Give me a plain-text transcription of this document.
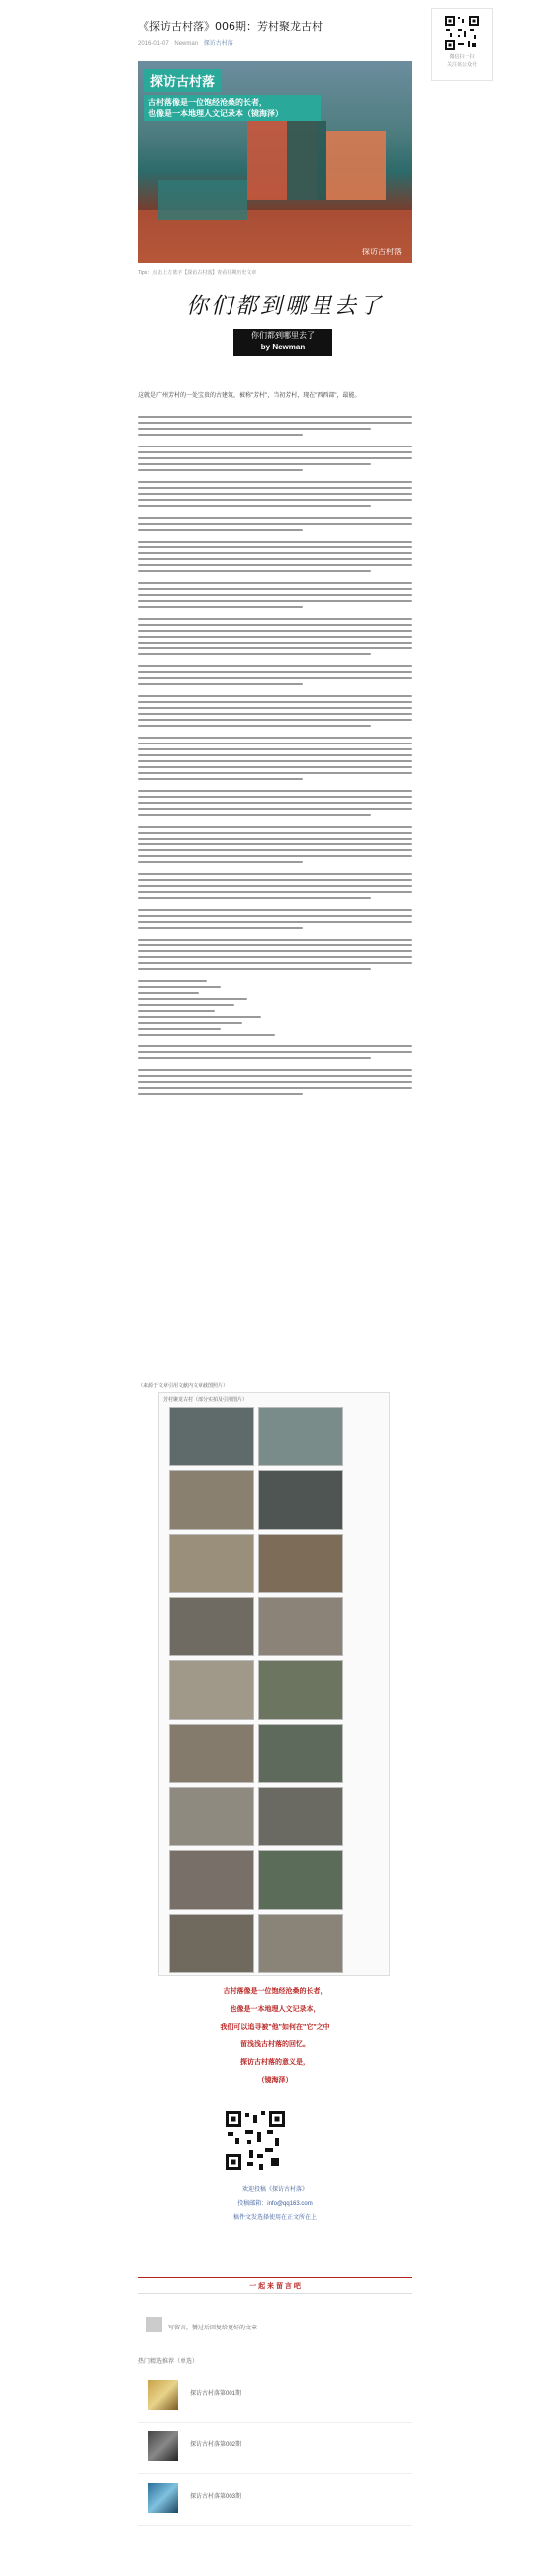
《探访古村落》006期：芳村聚龙古村
2016-01-07 Newman 探访古村落
微信扫一扫
关注该公众号
探访古村落
古村落像是一位饱经沧桑的长者，
也像是一本地理人文记录本（镜海泽）
探访古村落
Tips：点击上方蓝字【探访古村落】查看往期历史文章
你们都到哪里去了
你们都到哪里去了
by Newman
这就是广州芳村的一处宝贵的古建筑，被称"芳村"，当初芳村，现在"西西部"，最能。
（来源于文章引用文献内文章截图照片）
芳村聚龙古村（部分实拍及引用图片）
古村落像是一位饱经沧桑的长者，
也像是一本地理人文记录本，
我们可以追寻被"他"如何在"它"之中
留浅浅古村落的回忆。
探访古村落的意义是，
（镜海泽）
欢迎投稿《探访古村落》
投稿邮箱：info@qq163.com
稿件文发选择使用在正文所在上
一 起 来 留 言 吧
写留言，赞过后回复给更好的文章
热门精选推荐（单选）
探访古村落第001期
探访古村落第002期
探访古村落第003期
